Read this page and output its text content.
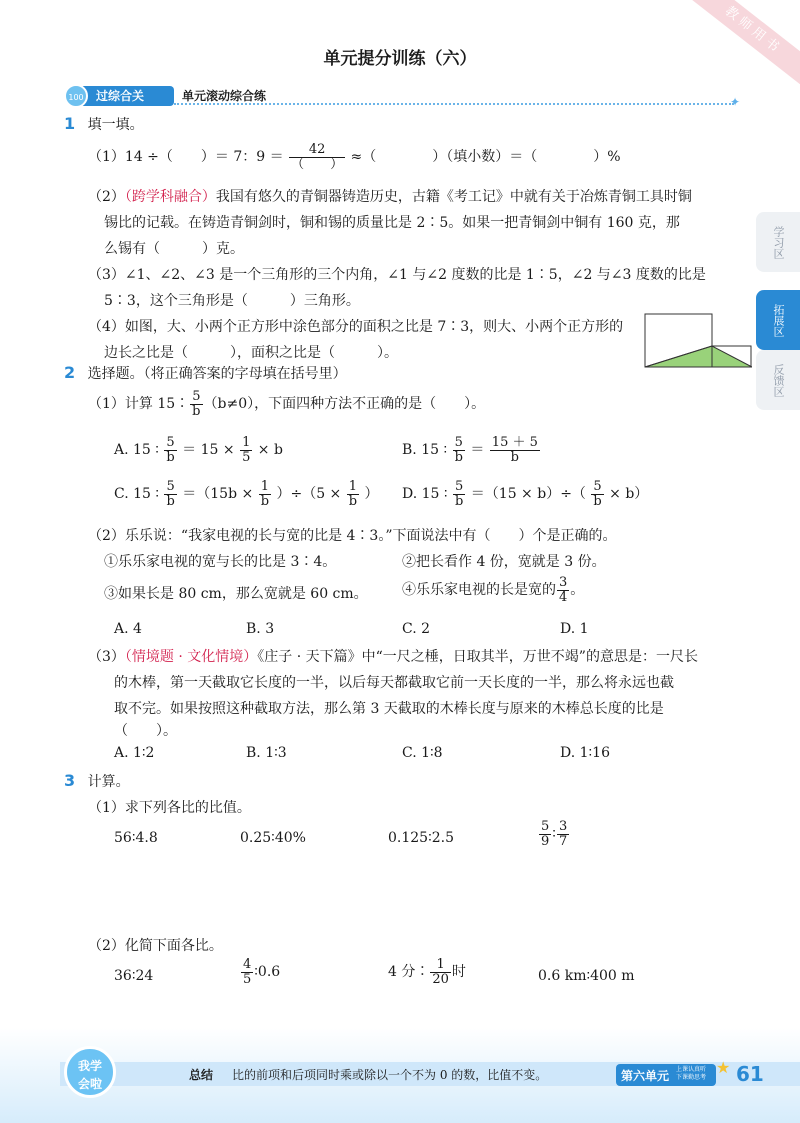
教师用书
单元提分训练（六）
过综合关
100	单元滚动综合练	✦
1 填一填。
（1）14 ÷（　　）＝ 7：$9 = \frac{42}{( )}$ ≈（　　　　）（填小数）＝（　　　　）%
（2）（跨学科融合）我国有悠久的青铜器铸造历史，古籍《考工记》中就有关于冶炼青铜工具时铜
锡比的记载。在铸造青铜剑时，铜和锡的质量比是 2∶5。如果一把青铜剑中铜有 160 克，那
么锡有（　　　）克。
（3）∠1、∠2、∠3 是一个三角形的三个内角，∠1 与∠2 度数的比是 1∶5，∠2 与∠3 度数的比是
5∶3，这个三角形是（　　　）三角形。
（4）如图，大、小两个正方形中涂色部分的面积之比是 7∶3，则大、小两个正方形的
边长之比是（　　　），面积之比是（　　　）。
2 选择题。（将正确答案的字母填在括号里）
（1）计算 15∶ $\frac{5}{b} (b\ne 0)$，下面四种方法不正确的是（　　）。
A. 15 ∶ $\frac{5}{b} = 15 \times \frac{1}{5} \times b$	B. 15 ∶ $\frac{5}{b} = \frac{15 + 5}{b}$
C. 15 ∶ $\frac{5}{b} =(15b \times \frac{1}{b} )\div(5 \times \frac{1}{b}$ ） D. 15 ∶ $\frac{5}{b} =(15 \times b)\div( \frac{5}{b} \times b)$
（2）乐乐说：“我家电视的长与宽的比是 4∶3。”下面说法中有（　　）个是正确的。
①乐乐家电视的宽与长的比是 3∶4。	②把长看作 4 份，宽就是 3 份。
③如果长是 80 cm，那么宽就是 60 cm。 ④乐乐家电视的长是宽的 $\frac{3}{4}$ 。
A. 4	B. 3	C. 2	D. 1
（3）（情境题 · 文化情境）《庄子 · 天下篇》中“一尺之棰，日取其半，万世不竭”的意思是：一尺长
的木棒，第一天截取它长度的一半，以后每天都截取它前一天长度的一半，那么将永远也截
取不完。如果按照这种截取方法，那么第 3 天截取的木棒长度与原来的木棒总长度的比是
（　　）。
A. 1∶2	B. 1∶3	C. 1∶8	D. 1∶16
3 计算。
（1）求下列各比的比值。
56∶4.8	0.25∶40%	0.125∶2.5	$\frac{5}{9}$ ∶ $\frac{3}{7}$
（2）化简下面各比。
36∶24	$\frac{4}{5}$ ∶0.6	4 分∶ $\frac{1}{20}$ 时	0.6 km∶400 m
学习区
拓展区
反馈区
我学
会啦
总结 比的前项和后项同时乘或除以一个不为 0 的数，比值不变。	第六单元 上课认真听
下课勤思考
★ 61
